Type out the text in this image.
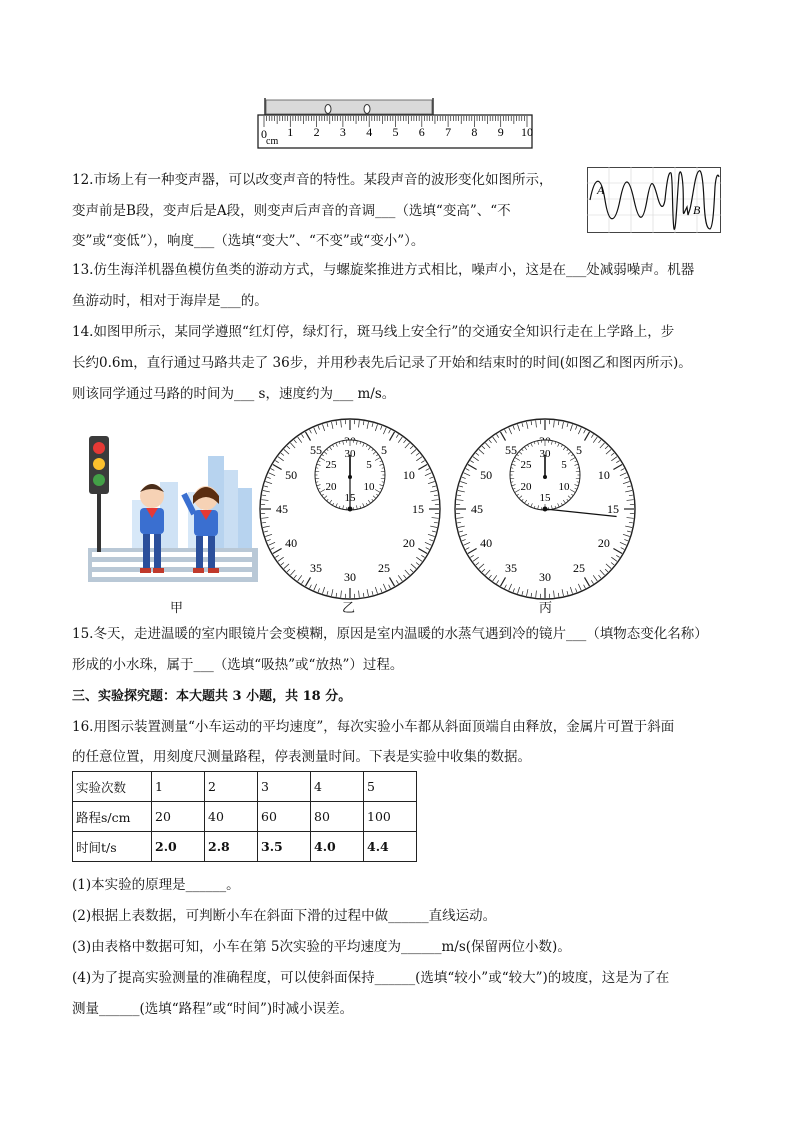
0 1 2 3 4 5 6 7 8 9 10
cm
12.市场上有一种变声器，可以改变声音的特性。某段声音的波形变化如图所示，
变声前是B段，变声后是A段，则变声后声音的音调___（选填“变高”、“不
变”或“变低”），响度___（选填“变大”、“不变”或“变小”）。
A
B
13.仿生海洋机器鱼模仿鱼类的游动方式，与螺旋桨推进方式相比，噪声小，这是在___处减弱噪声。机器
鱼游动时，相对于海岸是___的。
14.如图甲所示，某同学遵照“红灯停，绿灯行，斑马线上安全行”的交通安全知识行走在上学路上，步
长约0.6m，直行通过马路共走了 36步，并用秒表先后记录了开始和结束时的时间(如图乙和图丙所示)。
则该同学通过马路的时间为___ s，速度约为___ m/s。
5
10
15
20
25
30
35
40
45
50
55 30
5
10
15
20
25
5
10
15
20
25
30
35
40
45
50
55 30
5
10
15
20
25
甲	乙	丙
15.冬天，走进温暖的室内眼镜片会变模糊，原因是室内温暖的水蒸气遇到冷的镜片___（填物态变化名称）
形成的小水珠，属于___（选填“吸热”或“放热”）过程。
三、实验探究题：本大题共 3 小题，共 18 分。
16.用图示装置测量“小车运动的平均速度”，每次实验小车都从斜面顶端自由释放，金属片可置于斜面
的任意位置，用刻度尺测量路程，停表测量时间。下表是实验中收集的数据。
实验次数	1	2	3	4	5
路程s/cm	20	40	60	80	100
时间t/s	2.0	2.8	3.5	4.0	4.4
(1)本实验的原理是______。
(2)根据上表数据，可判断小车在斜面下滑的过程中做______直线运动。
(3)由表格中数据可知，小车在第 5次实验的平均速度为______m/s(保留两位小数)。
(4)为了提高实验测量的准确程度，可以使斜面保持______(选填“较小”或“较大”)的坡度，这是为了在
测量______(选填“路程”或“时间”)时减小误差。
